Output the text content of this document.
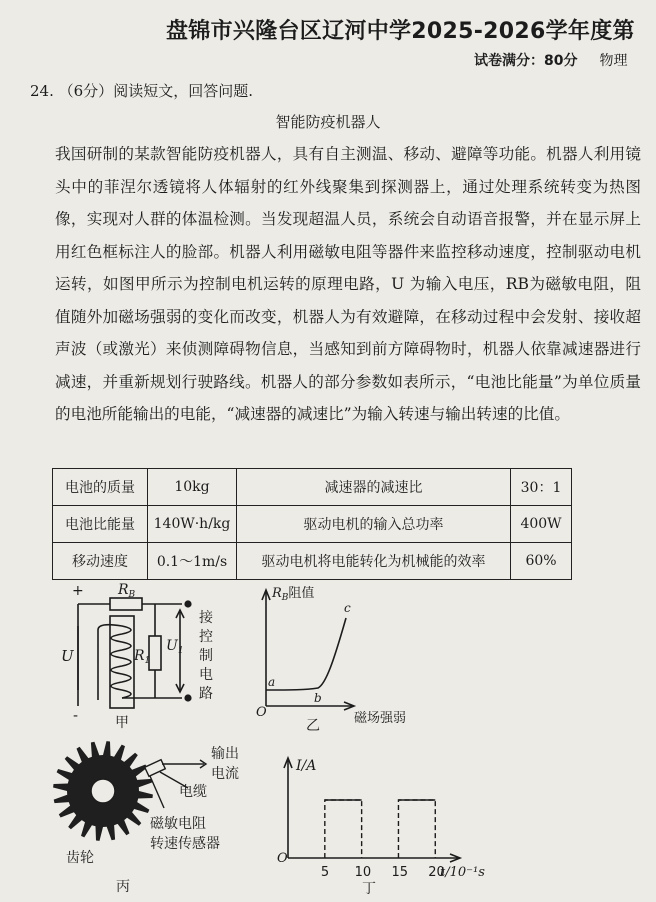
盘锦市兴隆台区辽河中学2025-2026学年度第
试卷满分：80分 物理
24. （6分）阅读短文，回答问题.
智能防疫机器人

我国研制的某款智能防疫机器人，具有自主测温、移动、避障等功能。机器人利用镜头中的菲涅尔透镜将人体辐射的红外线聚集到探测器上，通过处理系统转变为热图像，实现对人群的体温检测。当发现超温人员，系统会自动语音报警，并在显示屏上用红色框标注人的脸部。机器人利用磁敏电阻等器件来监控移动速度，控制驱动电机运转，如图甲所示为控制电机运转的原理电路，U 为输入电压，RB为磁敏电阻，阻值随外加磁场强弱的变化而改变，机器人为有效避障，在移动过程中会发射、接收超声波（或激光）来侦测障碍物信息，当感知到前方障碍物时，机器人依靠减速器进行减速，并重新规划行驶路线。机器人的部分参数如表所示，“电池比能量”为单位质量的电池所能输出的电能，“减速器的减速比”为输入转速与输出转速的比值。

电池的质量	10kg	减速器的减速比	30：1
电池比能量	140W·h/kg	驱动电机的输入总功率	400W
移动速度	0.1～1m/s	驱动电机将电能转化为机械能的效率	60%
+
-
U
$R_B$
$R_1$
$U_1$
接
控
制
电
路
甲
$R_B$阻值
O
a
b
c
磁场强弱
乙
输出
电流
电缆
磁敏电阻
转速传感器
齿轮
丙
5 10 15 20
I/A
O
t/10⁻¹s
丁
